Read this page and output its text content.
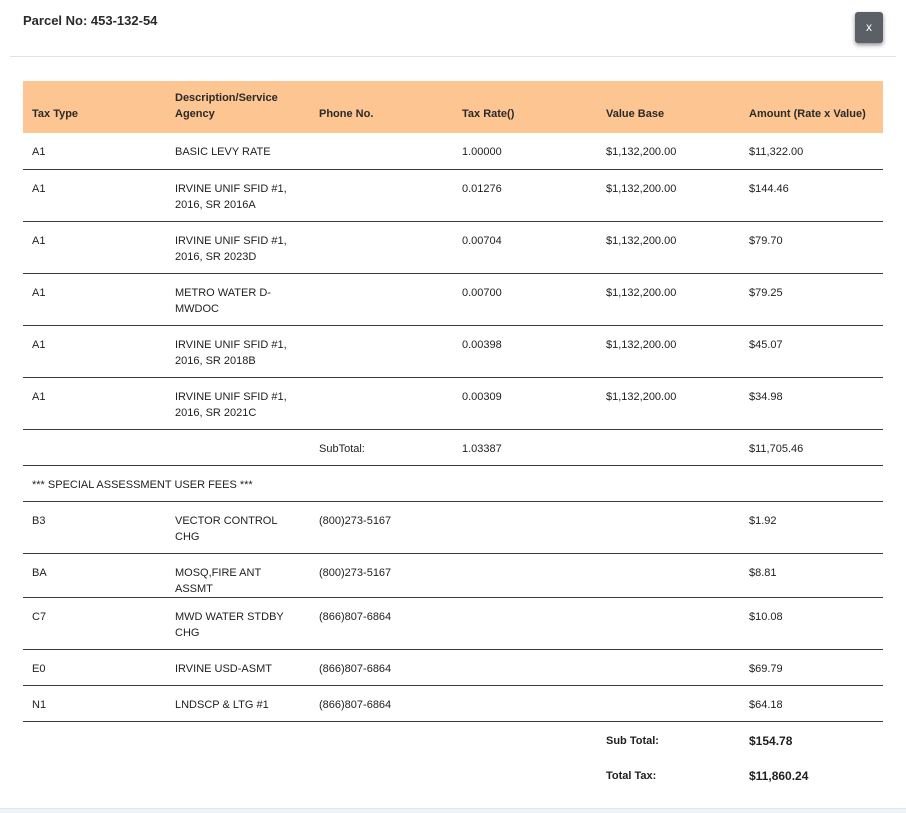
Parcel No: 453-132-54	x
Tax Type	Description/Service Agency	Phone No.	Tax Rate()	Value Base	Amount (Rate x Value)
A1	BASIC LEVY RATE		1.00000	$1,132,200.00	$11,322.00
A1	IRVINE UNIF SFID #1, 2016, SR 2016A		0.01276	$1,132,200.00	$144.46
A1	IRVINE UNIF SFID #1, 2016, SR 2023D		0.00704	$1,132,200.00	$79.70
A1	METRO WATER D-MWDOC		0.00700	$1,132,200.00	$79.25
A1	IRVINE UNIF SFID #1, 2016, SR 2018B		0.00398	$1,132,200.00	$45.07
A1	IRVINE UNIF SFID #1, 2016, SR 2021C		0.00309	$1,132,200.00	$34.98
		SubTotal:	1.03387		$11,705.46
*** SPECIAL ASSESSMENT USER FEES ***					
B3	VECTOR CONTROL CHG	(800)273-5167			$1.92
BA	MOSQ,FIRE ANT ASSMT	(800)273-5167			$8.81
C7	MWD WATER STDBY CHG	(866)807-6864			$10.08
E0	IRVINE USD-ASMT	(866)807-6864			$69.79
N1	LNDSCP & LTG #1	(866)807-6864			$64.18
				Sub Total:	$154.78
				Total Tax:	$11,860.24
